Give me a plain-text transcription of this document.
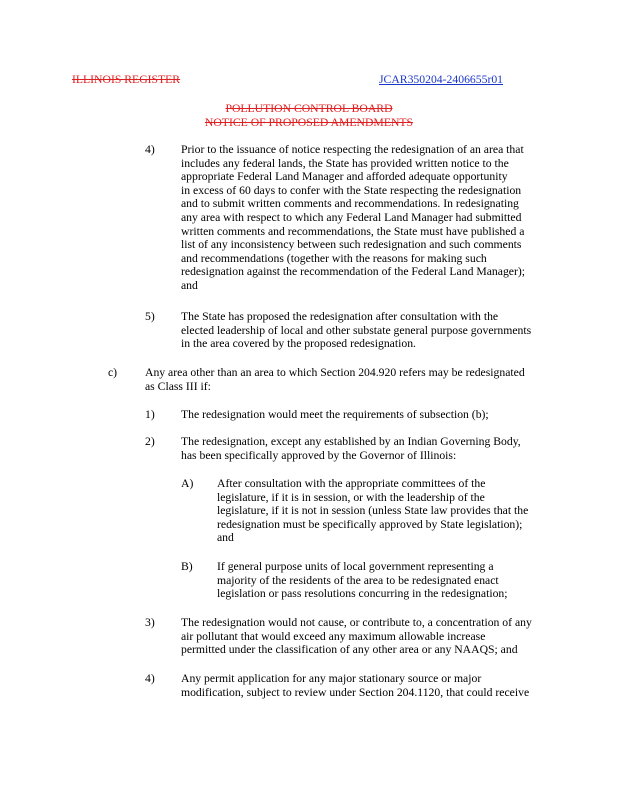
ILLINOIS REGISTER	JCAR350204-2406655r01
POLLUTION CONTROL BOARD
NOTICE OF PROPOSED AMENDMENTS
4) Prior to the issuance of notice respecting the redesignation of an area that
includes any federal lands, the State has provided written notice to the
appropriate Federal Land Manager and afforded adequate opportunity
in excess of 60 days to confer with the State respecting the redesignation
and to submit written comments and recommendations. In redesignating
any area with respect to which any Federal Land Manager had submitted
written comments and recommendations, the State must have published a
list of any inconsistency between such redesignation and such comments
and recommendations (together with the reasons for making such
redesignation against the recommendation of the Federal Land Manager);
and
5) The State has proposed the redesignation after consultation with the
elected leadership of local and other substate general purpose governments
in the area covered by the proposed redesignation.
c) Any area other than an area to which Section 204.920 refers may be redesignated
as Class III if:
1) The redesignation would meet the requirements of subsection (b);
2) The redesignation, except any established by an Indian Governing Body,
has been specifically approved by the Governor of Illinois:
A) After consultation with the appropriate committees of the
legislature, if it is in session, or with the leadership of the
legislature, if it is not in session (unless State law provides that the
redesignation must be specifically approved by State legislation);
and
B) If general purpose units of local government representing a
majority of the residents of the area to be redesignated enact
legislation or pass resolutions concurring in the redesignation;
3) The redesignation would not cause, or contribute to, a concentration of any
air pollutant that would exceed any maximum allowable increase
permitted under the classification of any other area or any NAAQS; and
4) Any permit application for any major stationary source or major
modification, subject to review under Section 204.1120, that could receive
